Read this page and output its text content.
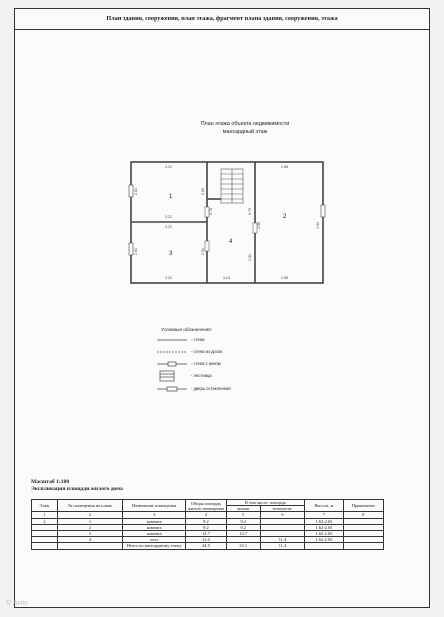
План здания, сооружения, план этажа, фрагмент плана здания, сооружения, этажа
3.31
3.22
2.81	2.80
3.22
3.22
2.91	2.91
0.76	0.79
3.24
2.91
2.98
2.98
4.96	4.93
1
3
2
4
План этажа объекта недвижимости
мансардный этаж
Условные обозначения:
- стена
- стена из досок
- стена с окном
- лестница
- дверь остекленная
Масштаб 1:100
Экспликация площади жилого дома
Этаж	№ помещения на плане	Назначение помещения	Общая площадь жилого помещения	В том числе, площадь		Высота, м	Примечание
				жилая	вспомогат.		
1	2	3	4	5	6	7	8
2	1	комната	9.2	9.2		1.62-2.65	
	2	комната	9.2	9.2		1.62-2.65	
	3	комната	14.7	14.7		1.62-2.65	
	4	холл	11.4		11.4	1.62-2.65	
		Итого по мансардному этажу	44.5	33.1	11.4		
© Avito
